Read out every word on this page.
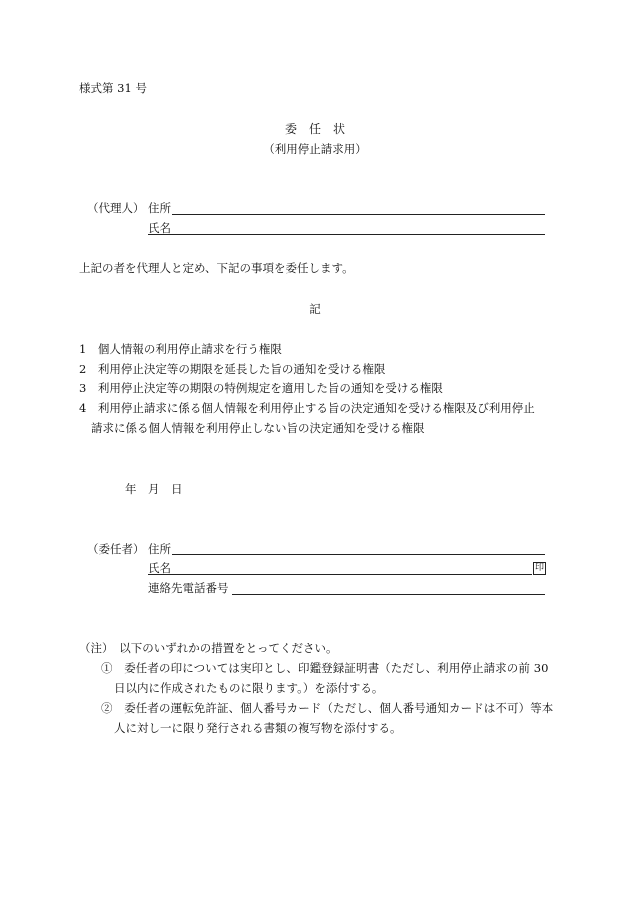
様式第 31 号
委　任　状
（利用停止請求用）
（代理人） 住所
氏名
上記の者を代理人と定め、下記の事項を委任します。
記
1　個人情報の利用停止請求を行う権限
2　利用停止決定等の期限を延長した旨の通知を受ける権限
3　利用停止決定等の期限の特例規定を適用した旨の通知を受ける権限
4　利用停止請求に係る個人情報を利用停止する旨の決定通知を受ける権限及び利用停止
請求に係る個人情報を利用停止しない旨の決定通知を受ける権限
年　月　日
（委任者） 住所
氏名	印
連絡先電話番号
（注）　以下のいずれかの措置をとってください。
①　委任者の印については実印とし、印鑑登録証明書（ただし、利用停止請求の前 30
日以内に作成されたものに限ります。）を添付する。
②　委任者の運転免許証、個人番号カード（ただし、個人番号通知カードは不可）等本
人に対し一に限り発行される書類の複写物を添付する。
